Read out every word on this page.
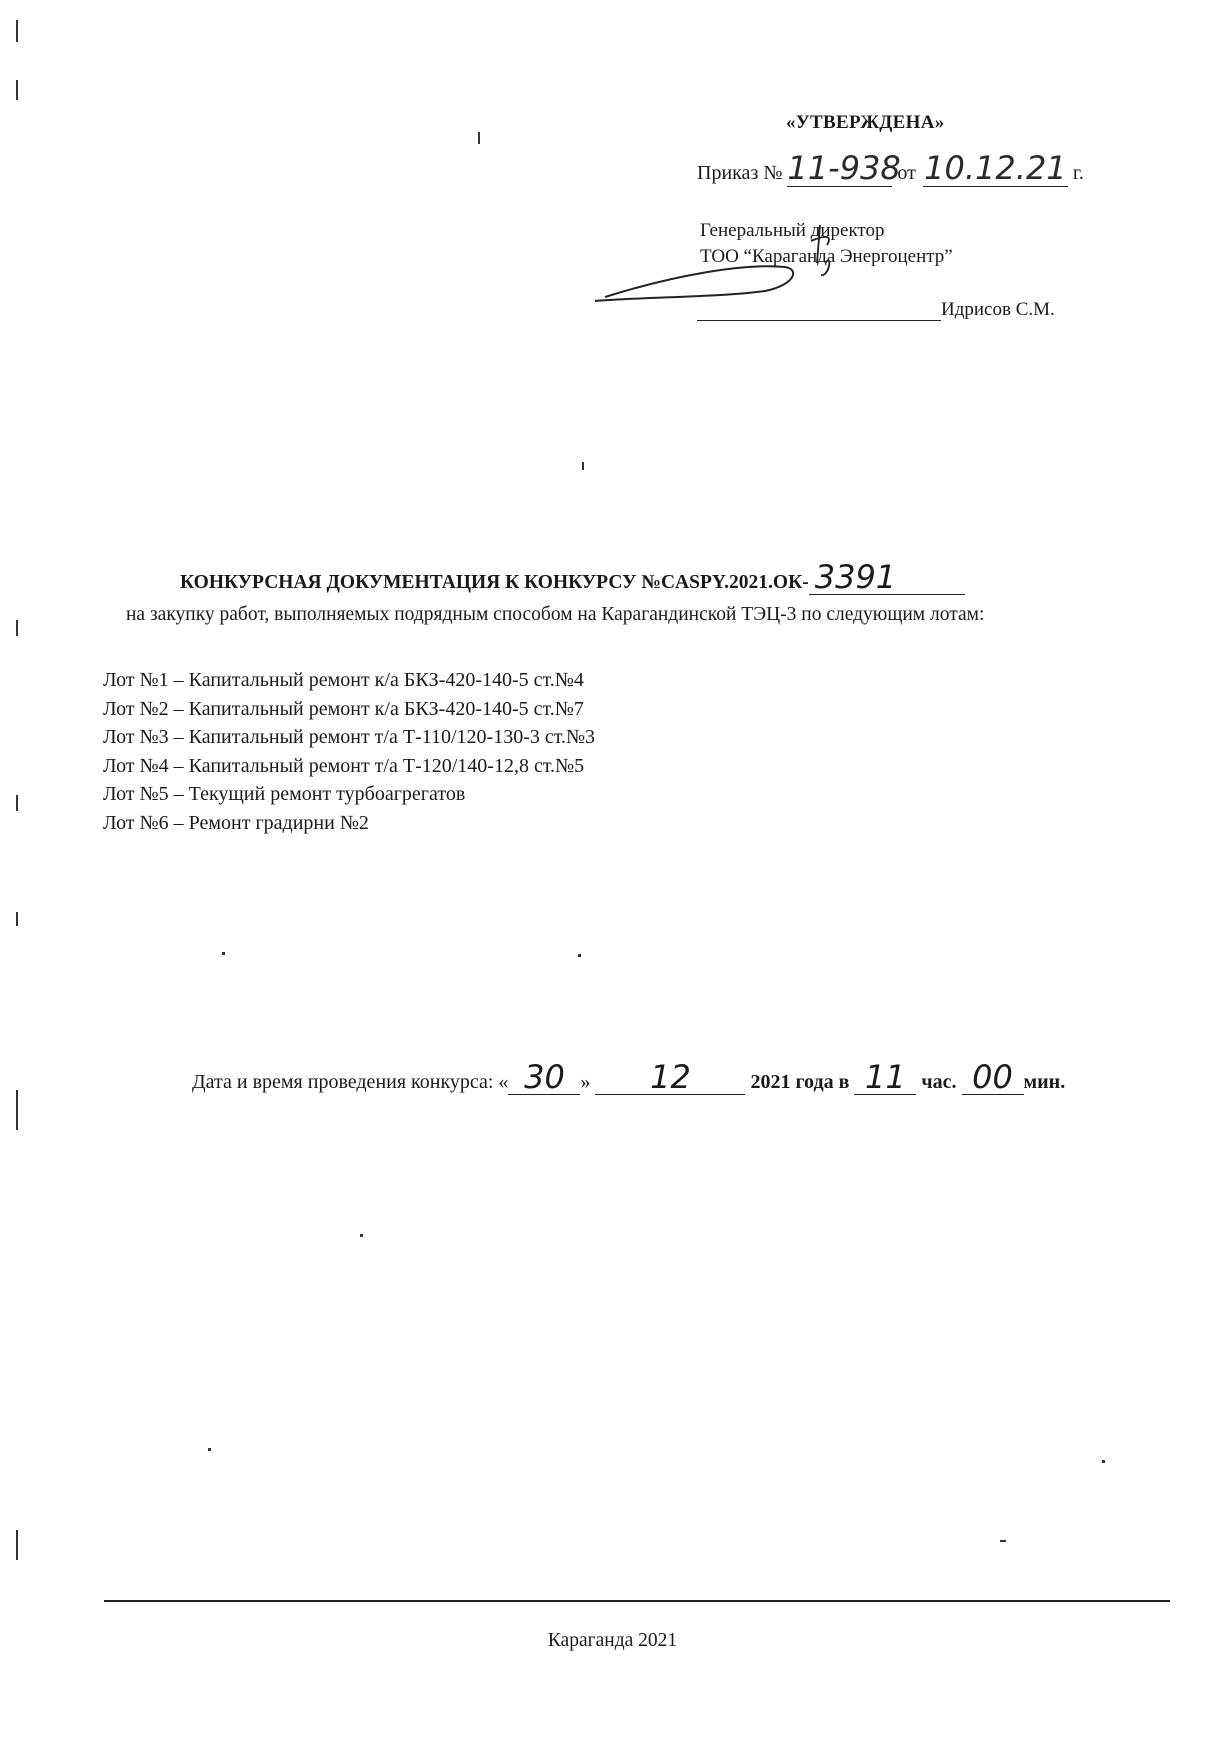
«УТВЕРЖДЕНА»
Приказ № 11-938 от 10.12.21 г.
Генеральный директор
ТОО “Караганда Энергоцентр”
Идрисов С.М.
КОНКУРСНАЯ ДОКУМЕНТАЦИЯ К КОНКУРСУ №CASPY.2021.ОК- 3391
на закупку работ, выполняемых подрядным способом на Карагандинской ТЭЦ-3 по следующим лотам:
Лот №1 – Капитальный ремонт к/а БКЗ-420-140-5 ст.№4
Лот №2 – Капитальный ремонт к/а БКЗ-420-140-5 ст.№7
Лот №3 – Капитальный ремонт т/а Т-110/120-130-3 ст.№3
Лот №4 – Капитальный ремонт т/а Т-120/140-12,8 ст.№5
Лот №5 – Текущий ремонт турбоагрегатов
Лот №6 – Ремонт градирни №2
Дата и время проведения конкурса: « 30 » 12	2021 года в 11 час. 00 мин.
Караганда 2021
